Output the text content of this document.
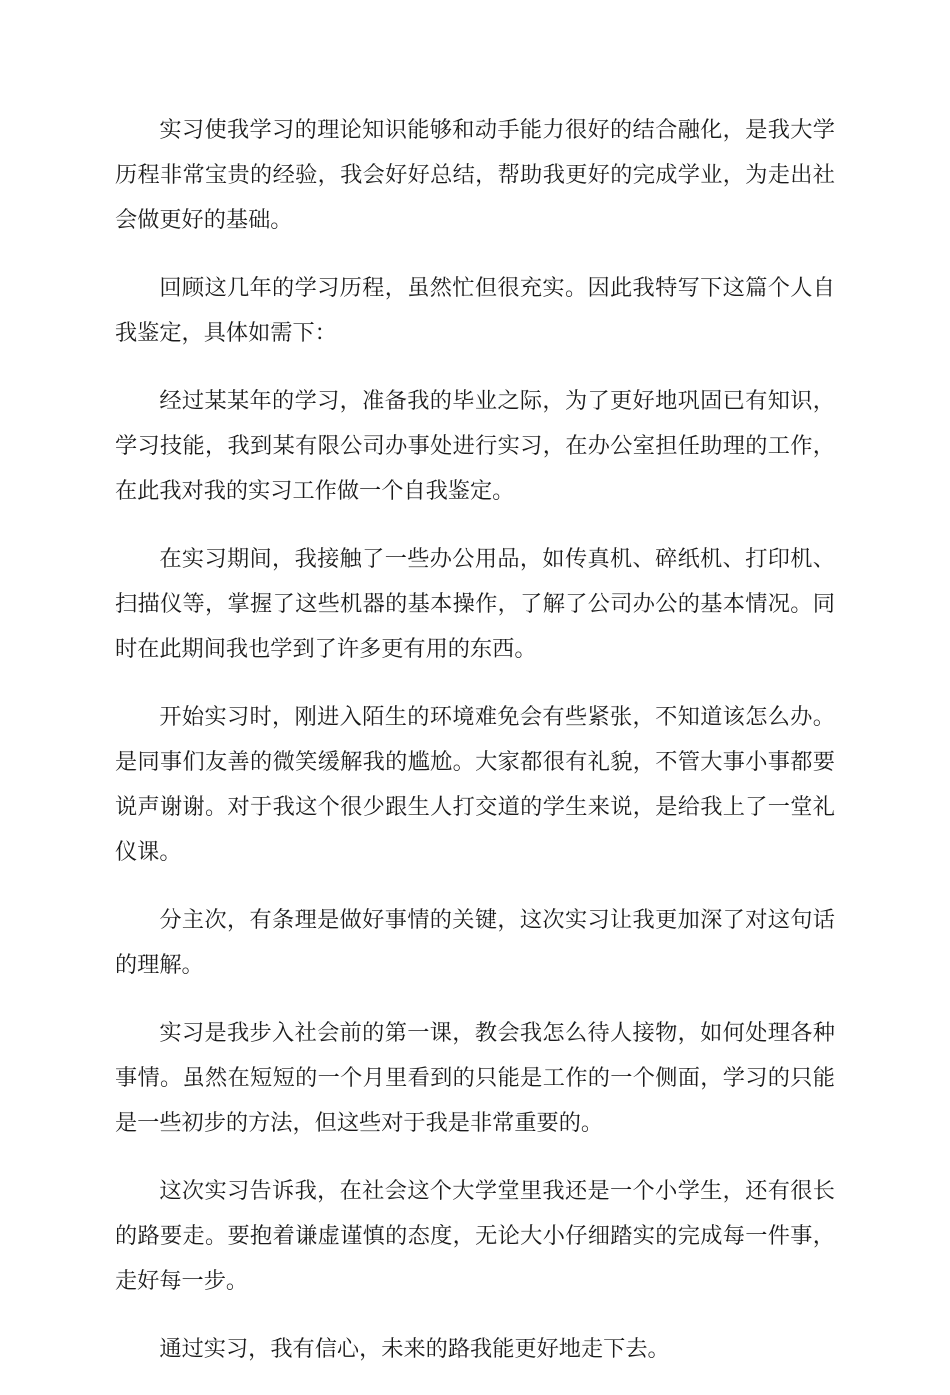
实习使我学习的理论知识能够和动手能力很好的结合融化，是我大学历程非常宝贵的经验，我会好好总结，帮助我更好的完成学业，为走出社会做更好的基础。

回顾这几年的学习历程，虽然忙但很充实。因此我特写下这篇个人自我鉴定，具体如需下：

经过某某年的学习，准备我的毕业之际，为了更好地巩固已有知识，学习技能，我到某有限公司办事处进行实习，在办公室担任助理的工作，在此我对我的实习工作做一个自我鉴定。

在实习期间，我接触了一些办公用品，如传真机、碎纸机、打印机、扫描仪等，掌握了这些机器的基本操作，了解了公司办公的基本情况。同时在此期间我也学到了许多更有用的东西。

开始实习时，刚进入陌生的环境难免会有些紧张，不知道该怎么办。是同事们友善的微笑缓解我的尴尬。大家都很有礼貌，不管大事小事都要说声谢谢。对于我这个很少跟生人打交道的学生来说，是给我上了一堂礼仪课。

分主次，有条理是做好事情的关键，这次实习让我更加深了对这句话的理解。

实习是我步入社会前的第一课，教会我怎么待人接物，如何处理各种事情。虽然在短短的一个月里看到的只能是工作的一个侧面，学习的只能是一些初步的方法，但这些对于我是非常重要的。

这次实习告诉我，在社会这个大学堂里我还是一个小学生，还有很长的路要走。要抱着谦虚谨慎的态度，无论大小仔细踏实的完成每一件事，走好每一步。

通过实习，我有信心，未来的路我能更好地走下去。
